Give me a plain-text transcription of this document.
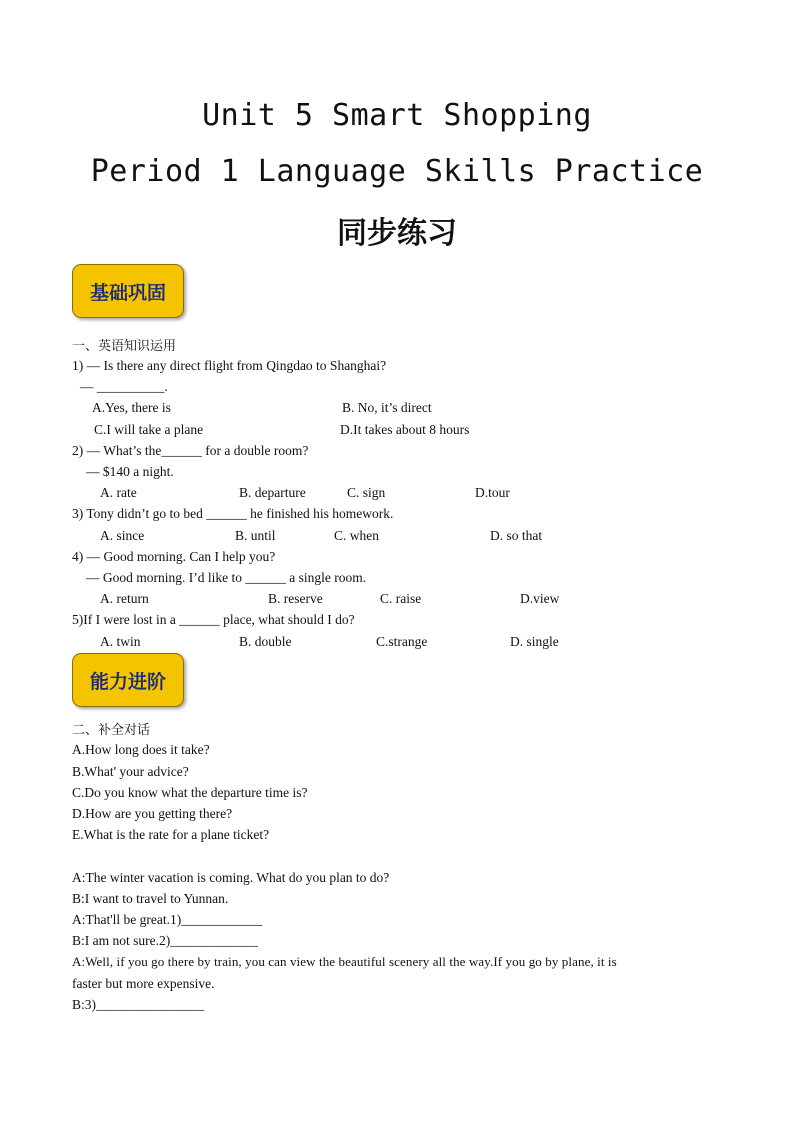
Unit 5 Smart Shopping
Period 1 Language Skills Practice
同步练习
基础巩固
一、英语知识运用
1) — Is there any direct flight from Qingdao to Shanghai?
— __________.
A.Yes, there is	B. No, it’s direct
C.I will take a plane	D.It takes about 8 hours
2) — What’s the______ for a double room?
— $140 a night.
A. rate	B. departure	C. sign	D.tour
3) Tony didn’t go to bed ______ he finished his homework.
A. since	B. until	C. when	D. so that
4) — Good morning. Can I help you?
— Good morning. I’d like to ______ a single room.
A. return	B. reserve	C. raise	D.view
5)If I were lost in a ______ place, what should I do?
A. twin	B. double	C.strange	D. single
能力进阶
二、补全对话
A.How long does it take?
B.What' your advice?
C.Do you know what the departure time is?
D.How are you getting there?
E.What is the rate for a plane ticket?
A:The winter vacation is coming. What do you plan to do?
B:I want to travel to Yunnan.
A:That'll be great.1)____________
B:I am not sure.2)_____________
A:Well, if you go there by train, you can view the beautiful scenery all the way.If you go by plane, it is
faster but more expensive.
B:3)________________
